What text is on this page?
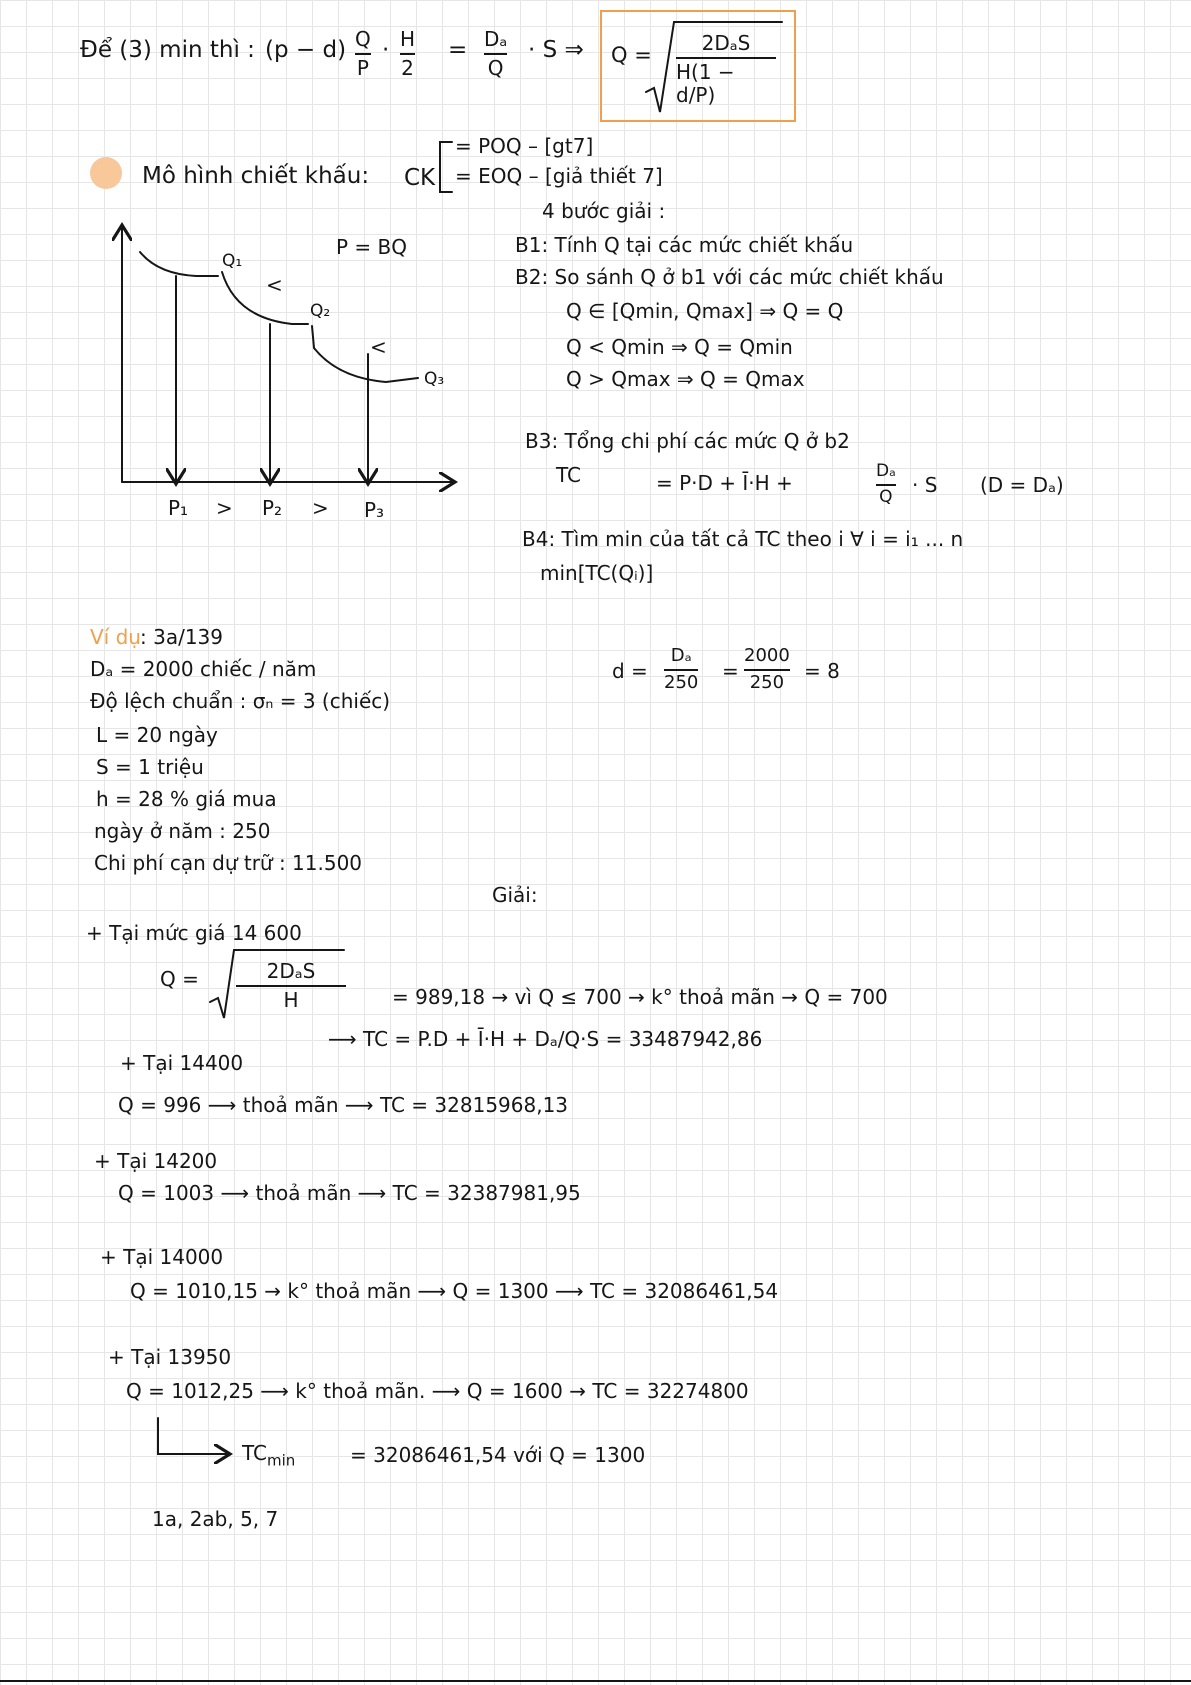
Để (3) min thì : (p − d) Q
P
· H
2
= Dₐ
Q
· S ⇒ Q = 2DₐS
H(1 − d/P)
Mô hình chiết khấu: CK
= POQ – [gt7]
= EOQ – [giả thiết 7]
P = BQ
Q₁
<
Q₂
<
Q₃
P₁ > P₂ > P₃
4 bước giải :
B1: Tính Q tại các mức chiết khấu
B2: So sánh Q ở b1 với các mức chiết khấu
Q ∈ [Qmin, Qmax] ⇒ Q = Q
Q < Qmin ⇒ Q = Qmin
Q > Qmax ⇒ Q = Qmax
B3: Tổng chi phí các mức Q ở b2
TC	= P·D + Ī·H +	Dₐ
Q · S (D = Dₐ)
B4: Tìm min của tất cả TC theo i ∀ i = i₁ ... n
min[TC(Qᵢ)]
Ví dụ : 3a/139
Dₐ = 2000 chiếc / năm
Độ lệch chuẩn : σₙ = 3 (chiếc)
L = 20 ngày
S = 1 triệu
h = 28 % giá mua
ngày ở năm : 250
Chi phí cạn dự trữ : 11.500
d =
Dₐ
250 =
2000
250 = 8
Giải:
+ Tại mức giá 14 600
Q =	2DₐS
H	= 989,18 → vì Q ≤ 700 → k° thoả mãn → Q = 700
⟶ TC = P.D + Ī·H + Dₐ/Q·S = 33487942,86
+ Tại 14400
Q = 996 ⟶ thoả mãn ⟶ TC = 32815968,13
+ Tại 14200
Q = 1003 ⟶ thoả mãn ⟶ TC = 32387981,95
+ Tại 14000
Q = 1010,15 → k° thoả mãn ⟶ Q = 1300 ⟶ TC = 32086461,54
+ Tại 13950
Q = 1012,25 ⟶ k° thoả mãn. ⟶ Q = 1600 → TC = 32274800
$TC_{min}$	= 32086461,54 với Q = 1300
1a, 2ab, 5, 7
